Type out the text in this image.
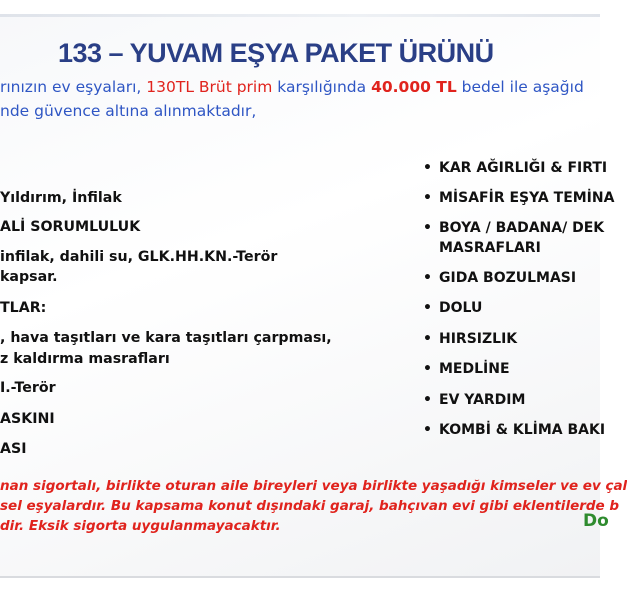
133 – YUVAM EŞYA PAKET ÜRÜNÜ
rınızın ev eşyaları, 130TL Brüt prim karşılığında 40.000 TL bedel ile aşağıd
nde güvence altına alınmaktadır,

Yıldırım, İnfilak

ALİ SORUMLULUK

infilak, dahili su, GLK.HH.KN.-Terör

kapsar.

TLAR:

, hava taşıtları ve kara taşıtları çarpması,

z kaldırma masrafları

I.-Terör

ASKINI

ASI

• KAR AĞIRLIĞI & FIRTI

• MİSAFİR EŞYA TEMİNA

• BOYA / BADANA/ DEK

MASRAFLARI

• GIDA BOZULMASI

• DOLU

• HIRSIZLIK

• MEDLİNE

• EV YARDIM

• KOMBİ & KLİMA BAKI

nan sigortalı, birlikte oturan aile bireyleri veya birlikte yaşadığı kimseler ve ev çal

sel eşyalardır. Bu kapsama konut dışındaki garaj, bahçıvan evi gibi eklentilerde b

dir. Eksik sigorta uygulanmayacaktır.	Do
